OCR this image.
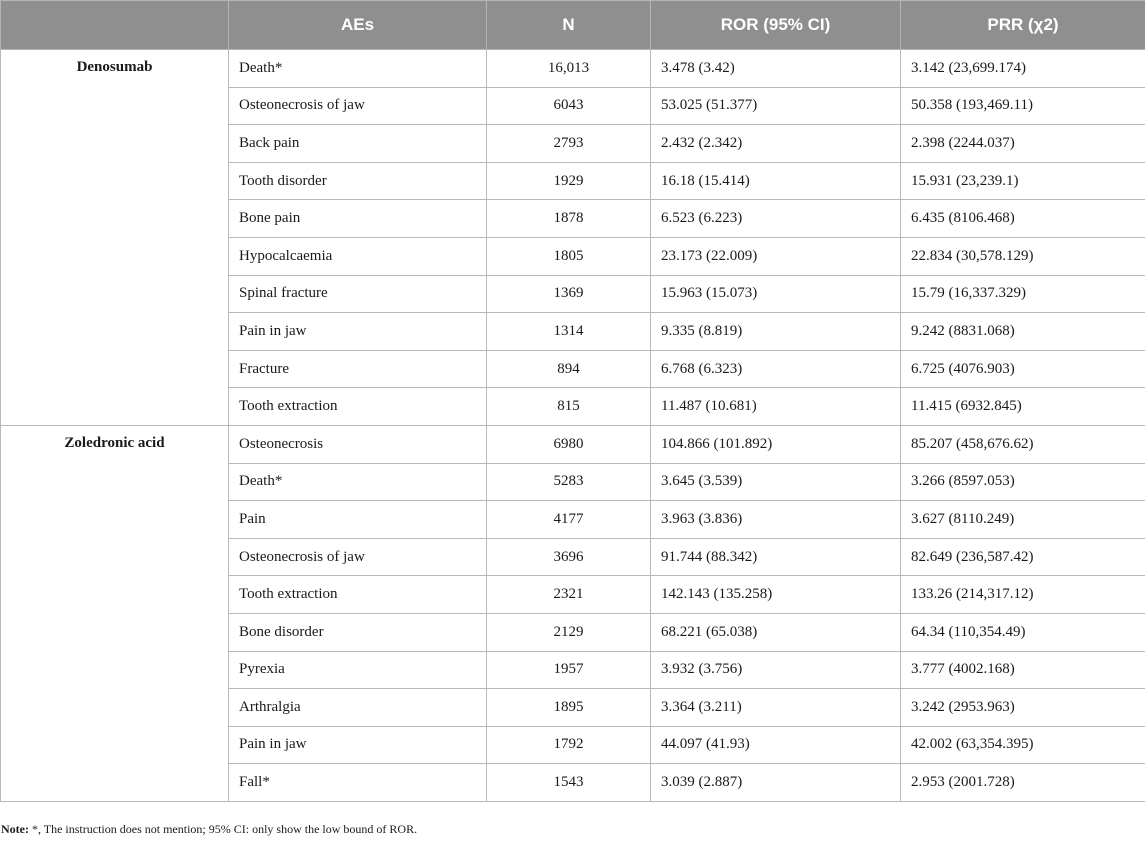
	AEs	N	ROR (95% CI)	PRR (χ2)
Denosumab	Death*	16,013	3.478 (3.42)	3.142 (23,699.174)
	Osteonecrosis of jaw	6043	53.025 (51.377)	50.358 (193,469.11)
	Back pain	2793	2.432 (2.342)	2.398 (2244.037)
	Tooth disorder	1929	16.18 (15.414)	15.931 (23,239.1)
	Bone pain	1878	6.523 (6.223)	6.435 (8106.468)
	Hypocalcaemia	1805	23.173 (22.009)	22.834 (30,578.129)
	Spinal fracture	1369	15.963 (15.073)	15.79 (16,337.329)
	Pain in jaw	1314	9.335 (8.819)	9.242 (8831.068)
	Fracture	894	6.768 (6.323)	6.725 (4076.903)
	Tooth extraction	815	11.487 (10.681)	11.415 (6932.845)
Zoledronic acid	Osteonecrosis	6980	104.866 (101.892)	85.207 (458,676.62)
	Death*	5283	3.645 (3.539)	3.266 (8597.053)
	Pain	4177	3.963 (3.836)	3.627 (8110.249)
	Osteonecrosis of jaw	3696	91.744 (88.342)	82.649 (236,587.42)
	Tooth extraction	2321	142.143 (135.258)	133.26 (214,317.12)
	Bone disorder	2129	68.221 (65.038)	64.34 (110,354.49)
	Pyrexia	1957	3.932 (3.756)	3.777 (4002.168)
	Arthralgia	1895	3.364 (3.211)	3.242 (2953.963)
	Pain in jaw	1792	44.097 (41.93)	42.002 (63,354.395)
	Fall*	1543	3.039 (2.887)	2.953 (2001.728)
Note: *, The instruction does not mention; 95% CI: only show the low bound of ROR.
